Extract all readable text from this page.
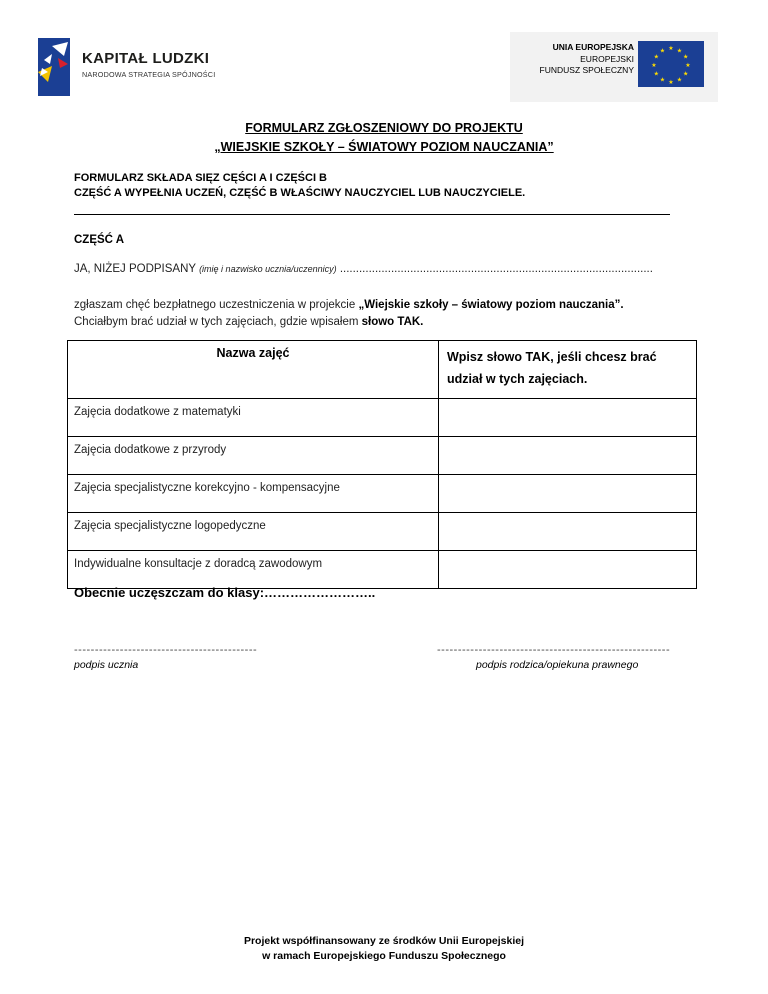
KAPITAŁ LUDZKI
NARODOWA STRATEGIA SPÓJNOŚCI
UNIA EUROPEJSKA
EUROPEJSKI
FUNDUSZ SPOŁECZNY
★ ★
★
★
★
★
★
★
★
★
★
★
FORMULARZ ZGŁOSZENIOWY DO PROJEKTU
„WIEJSKIE SZKOŁY – ŚWIATOWY POZIOM NAUCZANIA”
FORMULARZ SKŁADA SIĘZ CĘŚCI A I CZĘŚCI B
CZĘŚĆ A WYPEŁNIA UCZEŃ, CZĘŚĆ B WŁAŚCIWY NAUCZYCIEL LUB NAUCZYCIELE.
CZĘŚĆ A
JA, NIŻEJ PODPISANY (imię i nazwisko ucznia/uczennicy) ..................................................................................................
zgłaszam chęć bezpłatnego uczestniczenia w projekcie „Wiejskie szkoły – światowy poziom nauczania”.
Chciałbym brać udział w tych zajęciach, gdzie wpisałem słowo TAK.
Nazwa zajęć	Wpisz słowo TAK, jeśli chcesz brać udział w tych zajęciach.
Zajęcia dodatkowe z matematyki	
Zajęcia dodatkowe z przyrody	
Zajęcia specjalistyczne korekcyjno - kompensacyjne	
Zajęcia specjalistyczne logopedyczne	
Indywidualne konsultacje z doradcą zawodowym	
Obecnie uczęszczam do klasy:……………………..
--------------------------------------------	--------------------------------------------------------
podpis ucznia	podpis rodzica/opiekuna prawnego
Projekt współfinansowany ze środków Unii Europejskiej
w ramach Europejskiego Funduszu Społecznego
